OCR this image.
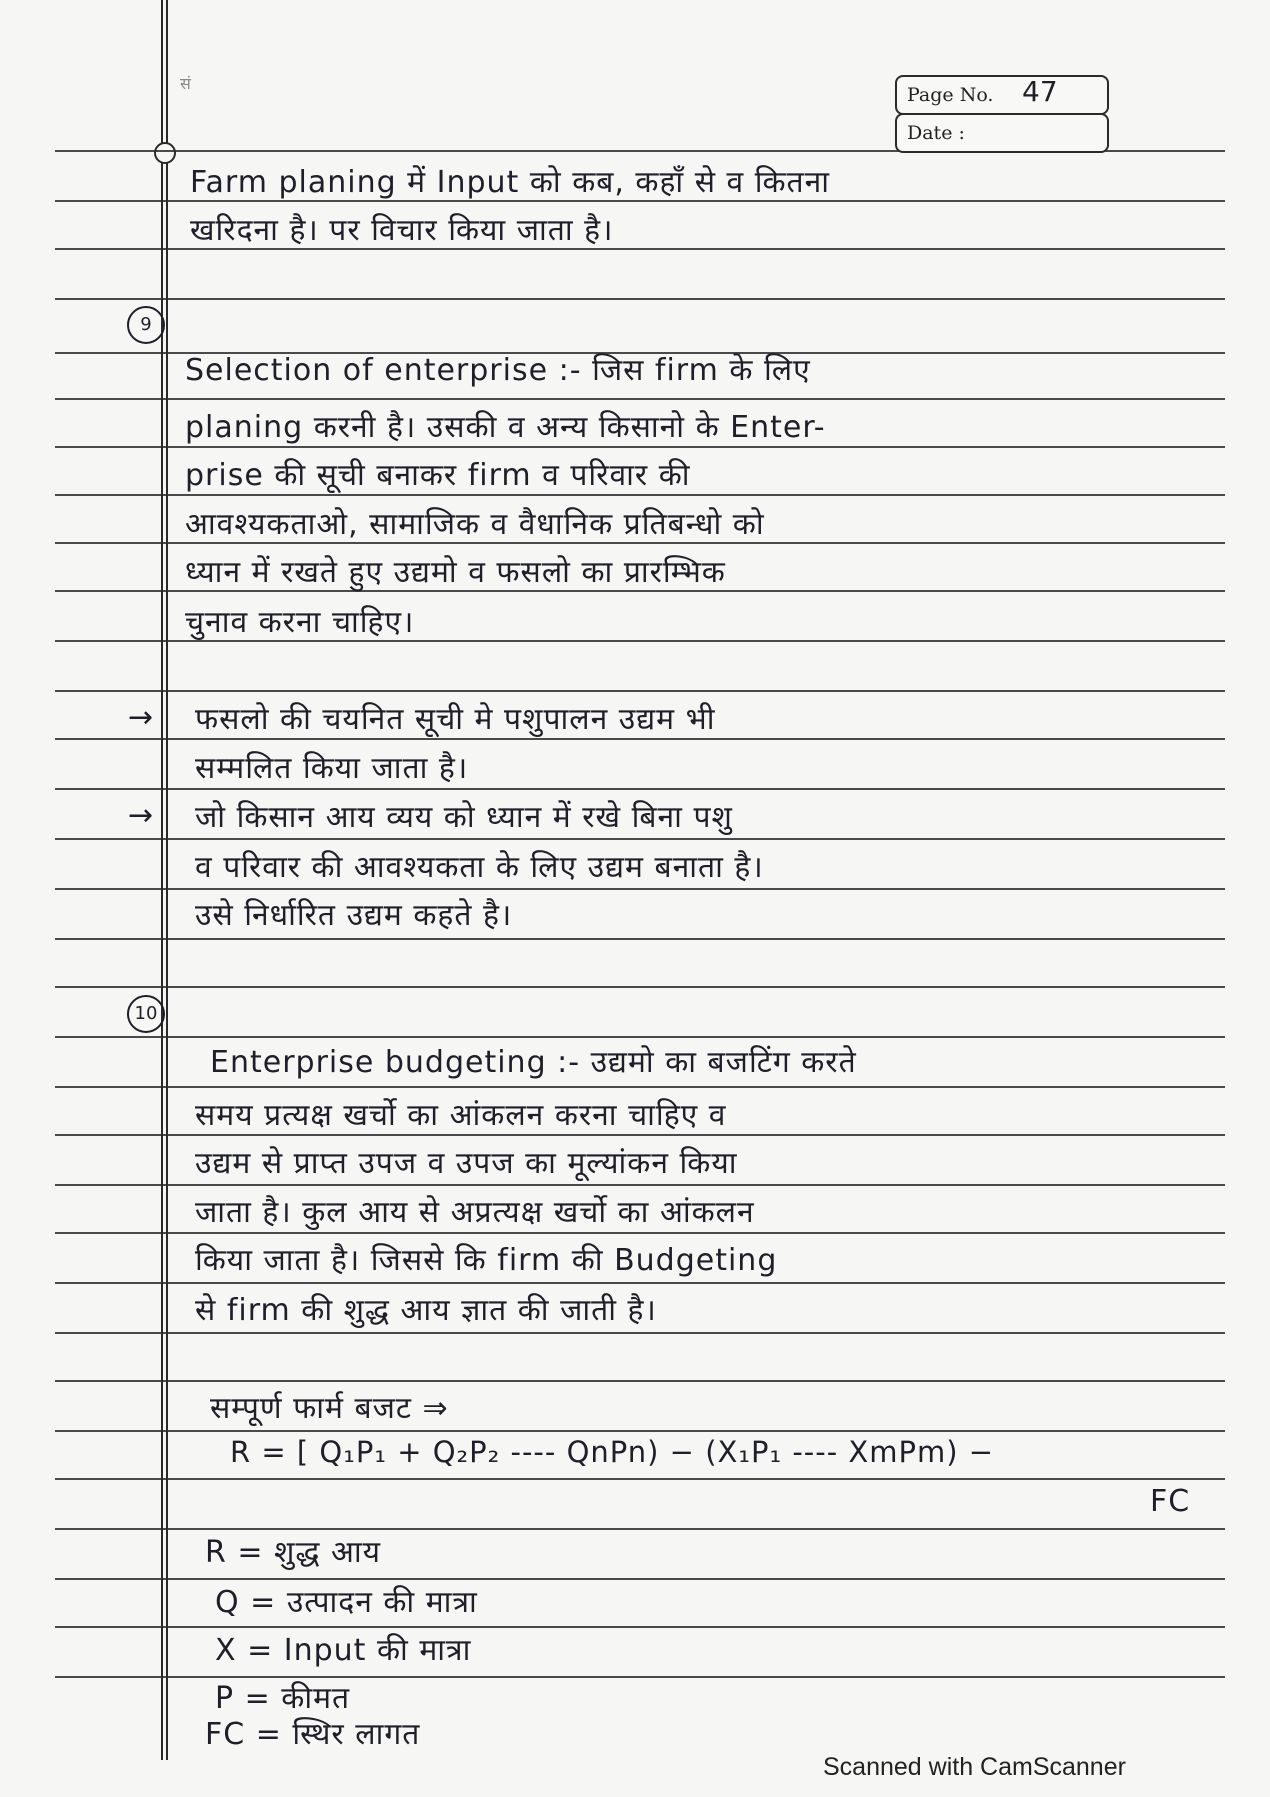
सं
Page No. 47
Date :
Farm planing में Input को कब, कहाँ से व कितना
खरिदना है। पर विचार किया जाता है।
9
Selection of enterprise :- जिस firm के लिए
planing करनी है। उसकी व अन्य किसानो के Enter-
prise की सूची बनाकर firm व परिवार की
आवश्यकताओ, सामाजिक व वैधानिक प्रतिबन्धो को
ध्यान में रखते हुए उद्यमो व फसलो का प्रारम्भिक
चुनाव करना चाहिए।
→ फसलो की चयनित सूची मे पशुपालन उद्यम भी
सम्मलित किया जाता है।
→ जो किसान आय व्यय को ध्यान में रखे बिना पशु
व परिवार की आवश्यकता के लिए उद्यम बनाता है।
उसे निर्धारित उद्यम कहते है।
10
Enterprise budgeting :- उद्यमो का बजटिंग करते
समय प्रत्यक्ष खर्चो का आंकलन करना चाहिए व
उद्यम से प्राप्त उपज व उपज का मूल्यांकन किया
जाता है। कुल आय से अप्रत्यक्ष खर्चो का आंकलन
किया जाता है। जिससे कि firm की Budgeting
से firm की शुद्ध आय ज्ञात की जाती है।
सम्पूर्ण फार्म बजट ⇒
R = [ Q₁P₁ + Q₂P₂ ---- QnPn) − (X₁P₁ ---- XmPm) −
FC
R = शुद्ध आय
Q = उत्पादन की मात्रा
X = Input की मात्रा
P = कीमत
FC = स्थिर लागत
Scanned with CamScanner
